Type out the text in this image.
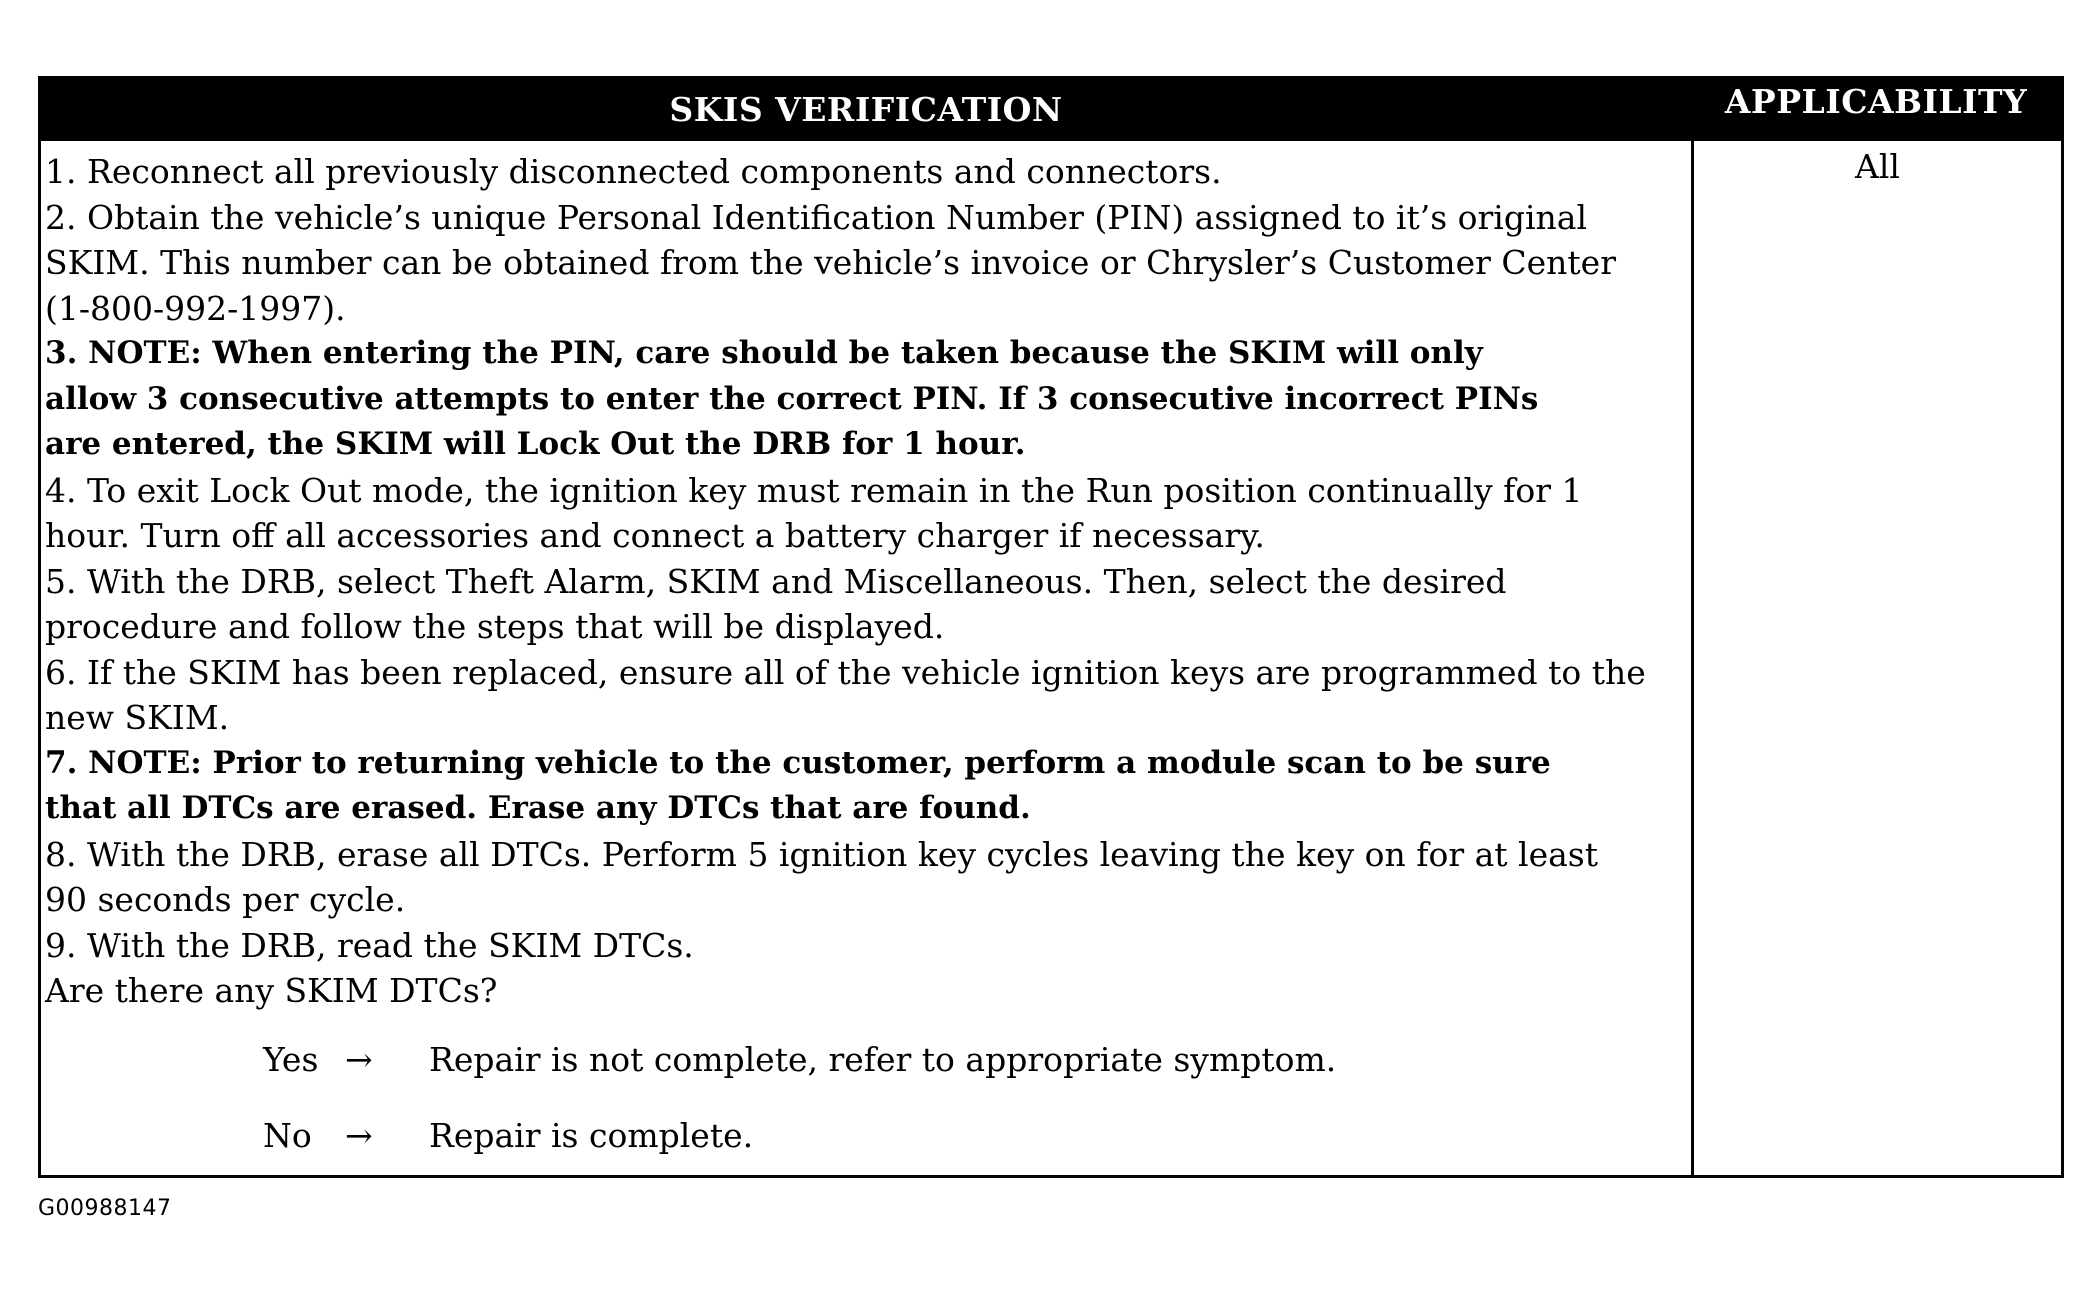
SKIS VERIFICATION	APPLICABILITY
1. Reconnect all previously disconnected components and connectors.
2. Obtain the vehicle’s unique Personal Identification Number (PIN) assigned to it’s original
SKIM. This number can be obtained from the vehicle’s invoice or Chrysler’s Customer Center
(1-800-992-1997).
3. NOTE: When entering the PIN, care should be taken because the SKIM will only
allow 3 consecutive attempts to enter the correct PIN. If 3 consecutive incorrect PINs
are entered, the SKIM will Lock Out the DRB for 1 hour.
4. To exit Lock Out mode, the ignition key must remain in the Run position continually for 1
hour. Turn off all accessories and connect a battery charger if necessary.
5. With the DRB, select Theft Alarm, SKIM and Miscellaneous. Then, select the desired
procedure and follow the steps that will be displayed.
6. If the SKIM has been replaced, ensure all of the vehicle ignition keys are programmed to the
new SKIM.
7. NOTE: Prior to returning vehicle to the customer, perform a module scan to be sure
that all DTCs are erased. Erase any DTCs that are found.
8. With the DRB, erase all DTCs. Perform 5 ignition key cycles leaving the key on for at least
90 seconds per cycle.
9. With the DRB, read the SKIM DTCs.
Are there any SKIM DTCs?
Yes → Repair is not complete, refer to appropriate symptom.
No → Repair is complete.
All
G00988147
